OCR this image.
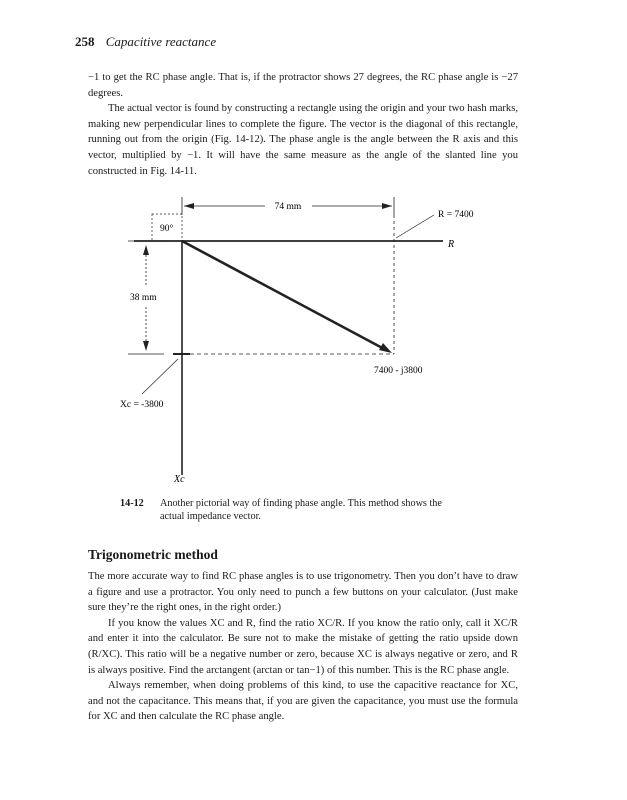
258 Capacitive reactance

−1 to get the RC phase angle. That is, if the protractor shows 27 degrees, the RC phase angle is −27 degrees.

The actual vector is found by constructing a rectangle using the origin and your two hash marks, making new perpendicular lines to complete the figure. The vector is the diagonal of this rectangle, running out from the origin (Fig. 14-12). The phase angle is the angle between the R axis and this vector, multiplied by −1. It will have the same measure as the angle of the slanted line you constructed in Fig. 14-11.

74 mm
90°
R = 7400
R
38 mm
7400 - j3800
Xc = -3800
Xc
14-12 Another pictorial way of finding phase angle. This method shows the
actual impedance vector.
Trigonometric method

The more accurate way to find RC phase angles is to use trigonometry. Then you don’t have to draw a figure and use a protractor. You only need to punch a few buttons on your calculator. (Just make sure they’re the right ones, in the right order.)

If you know the values XC and R, find the ratio XC/R. If you know the ratio only, call it XC/R and enter it into the calculator. Be sure not to make the mistake of getting the ratio upside down (R/XC). This ratio will be a negative number or zero, because XC is always negative or zero, and R is always positive. Find the arctangent (arctan or tan−1) of this number. This is the RC phase angle.

Always remember, when doing problems of this kind, to use the capacitive reactance for XC, and not the capacitance. This means that, if you are given the capacitance, you must use the formula for XC and then calculate the RC phase angle.
